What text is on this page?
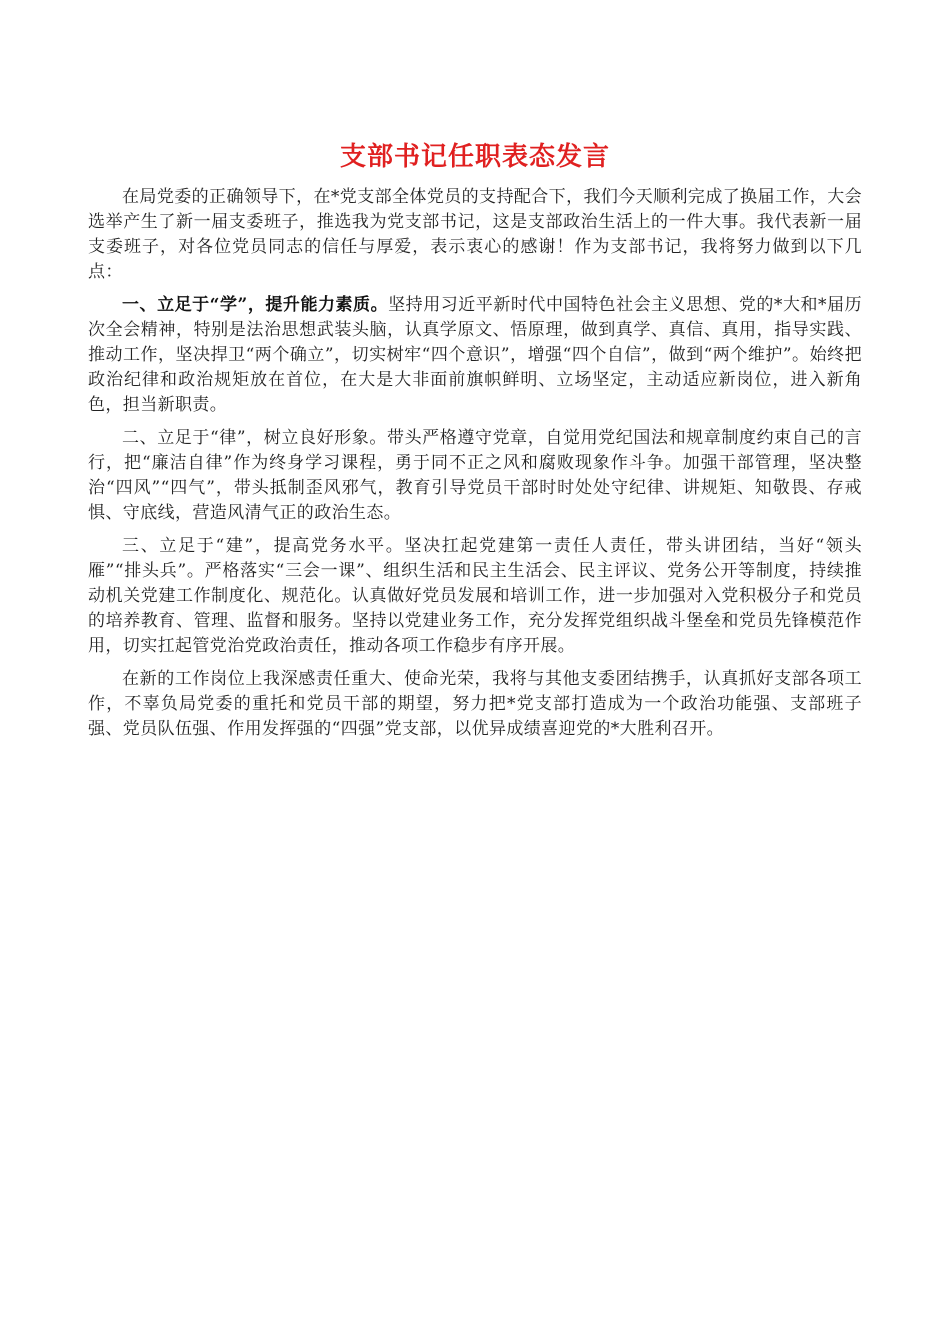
支部书记任职表态发言

在局党委的正确领导下，在*党支部全体党员的支持配合下，我们今天顺利完成了换届工作，大会选举产生了新一届支委班子，推选我为党支部书记，这是支部政治生活上的一件大事。我代表新一届支委班子，对各位党员同志的信任与厚爱，表示衷心的感谢！作为支部书记，我将努力做到以下几点：

一、立足于“学”，提升能力素质。坚持用习近平新时代中国特色社会主义思想、党的*大和*届历次全会精神，特别是法治思想武装头脑，认真学原文、悟原理，做到真学、真信、真用，指导实践、推动工作，坚决捍卫“两个确立”，切实树牢“四个意识”，增强“四个自信”，做到“两个维护”。始终把政治纪律和政治规矩放在首位，在大是大非面前旗帜鲜明、立场坚定，主动适应新岗位，进入新角色，担当新职责。

二、立足于“律”，树立良好形象。带头严格遵守党章，自觉用党纪国法和规章制度约束自己的言行，把“廉洁自律”作为终身学习课程，勇于同不正之风和腐败现象作斗争。加强干部管理，坚决整治“四风”“四气”，带头抵制歪风邪气，教育引导党员干部时时处处守纪律、讲规矩、知敬畏、存戒惧、守底线，营造风清气正的政治生态。

三、立足于“建”，提高党务水平。坚决扛起党建第一责任人责任，带头讲团结，当好“领头雁”“排头兵”。严格落实“三会一课”、组织生活和民主生活会、民主评议、党务公开等制度，持续推动机关党建工作制度化、规范化。认真做好党员发展和培训工作，进一步加强对入党积极分子和党员的培养教育、管理、监督和服务。坚持以党建业务工作，充分发挥党组织战斗堡垒和党员先锋模范作用，切实扛起管党治党政治责任，推动各项工作稳步有序开展。

在新的工作岗位上我深感责任重大、使命光荣，我将与其他支委团结携手，认真抓好支部各项工作，不辜负局党委的重托和党员干部的期望，努力把*党支部打造成为一个政治功能强、支部班子强、党员队伍强、作用发挥强的“四强”党支部，以优异成绩喜迎党的*大胜利召开。
